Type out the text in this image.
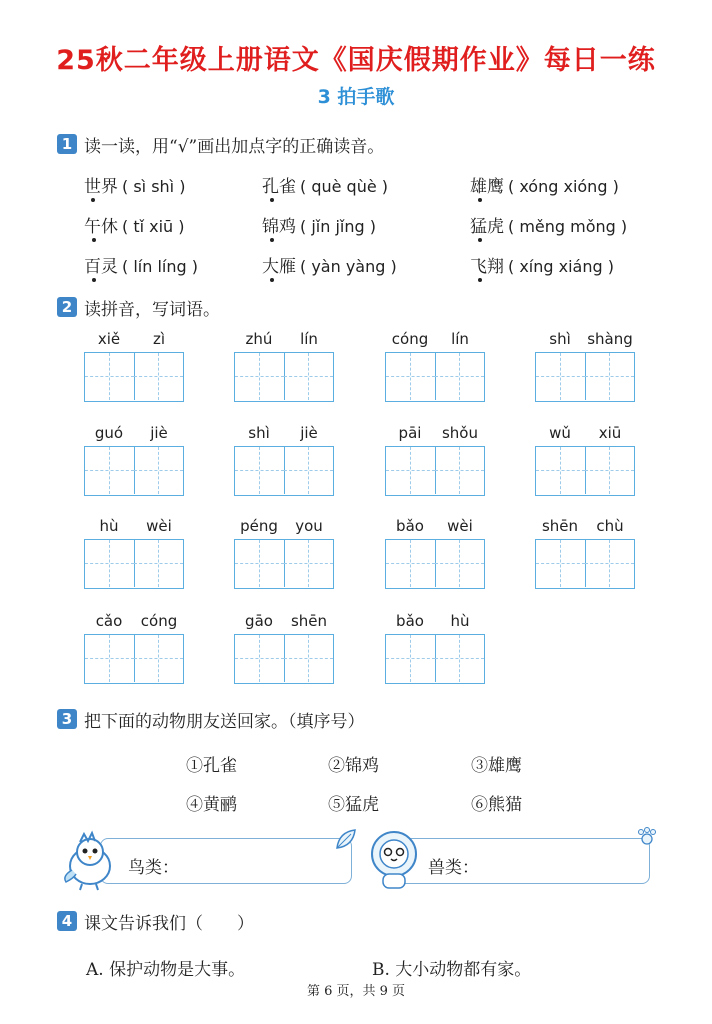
25秋二年级上册语文《国庆假期作业》每日一练
3 拍手歌
1 读一读，用“√”画出加点字的正确读音。
世界 ( sì shì )	孔雀 ( què qùè )	雄鹰 ( xóng xióng )
午休 ( tǐ xiū )	锦鸡 ( jǐn jǐng )	猛虎 ( měng mǒng )
百灵 ( lín líng )	大雁 ( yàn yàng )	飞翔 ( xíng xiáng )
2 读拼音，写词语。
xiě	zì	zhú	lín	cóng	lín	shì	shàng
guó	jiè	shì	jiè	pāi	shǒu	wǔ	xiū
hù	wèi	péng	you	bǎo	wèi	shēn	chù
cǎo	cóng	gāo	shēn	bǎo	hù
3 把下面的动物朋友送回家。（填序号）
①孔雀	②锦鸡	③雄鹰
④黄鹂	⑤猛虎	⑥熊猫
鸟类：	兽类：
4 课文告诉我们（　　）
A. 保护动物是大事。	B. 大小动物都有家。
第 6 页，共 9 页
